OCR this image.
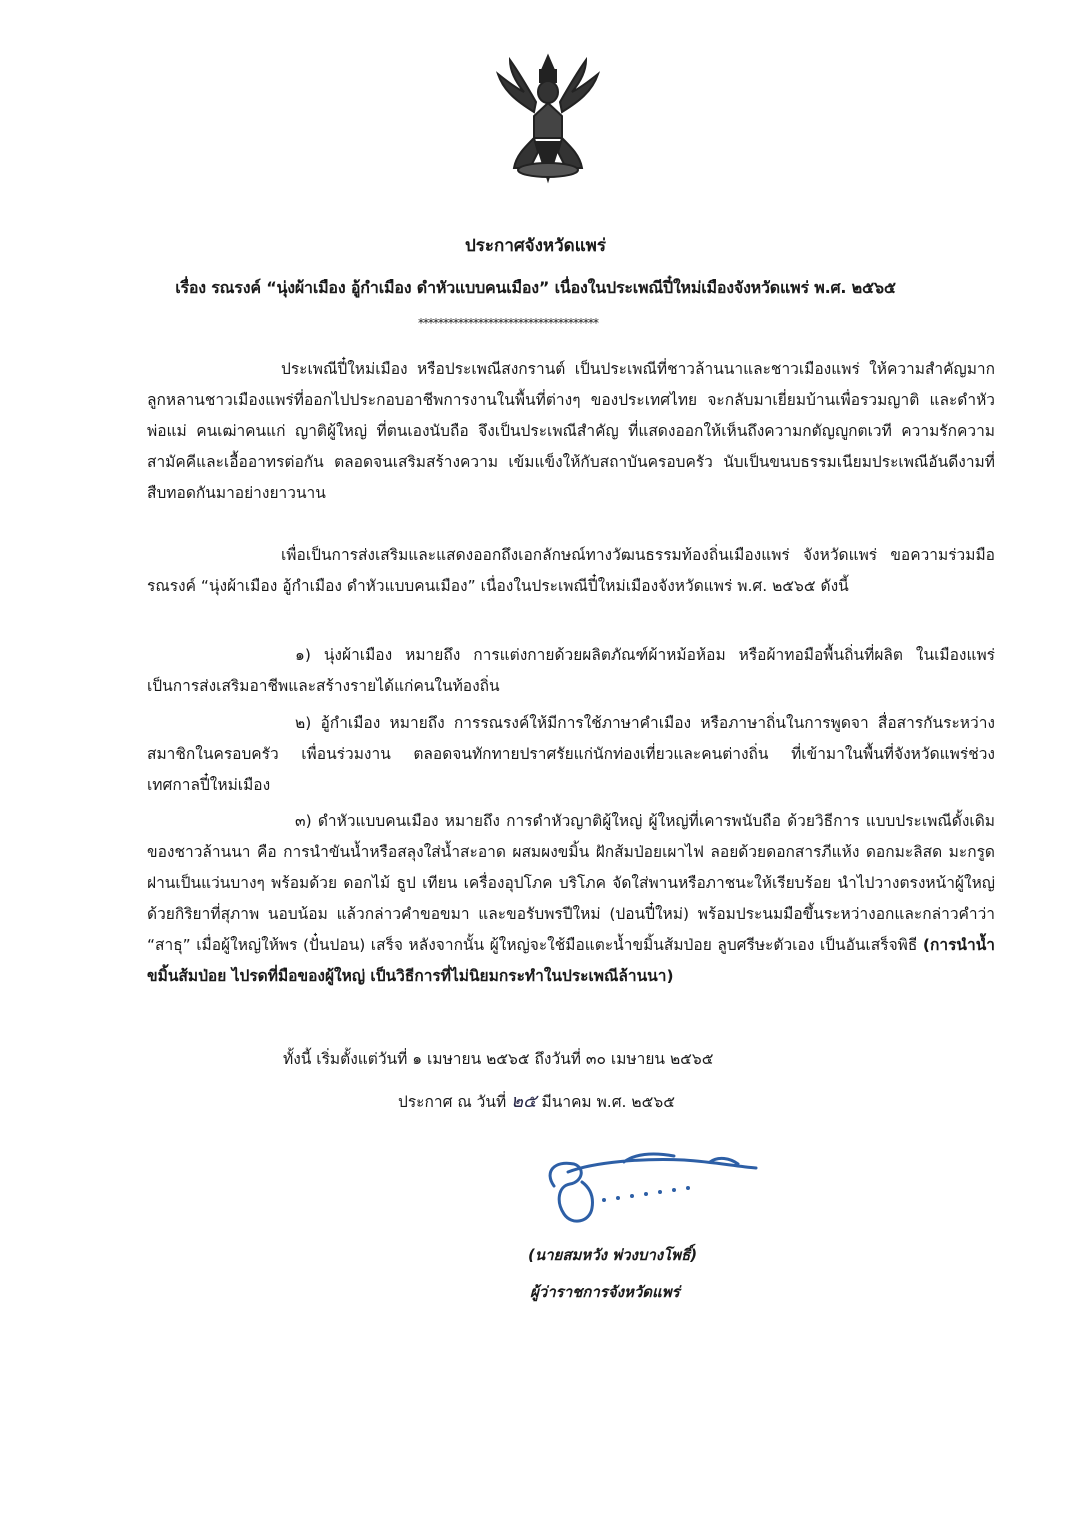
ประกาศจังหวัดแพร่
เรื่อง รณรงค์ “นุ่งผ้าเมือง อู้กำเมือง ดำหัวแบบคนเมือง” เนื่องในประเพณีปี๋ใหม่เมืองจังหวัดแพร่ พ.ศ. ๒๕๖๕
************************************
ประเพณีปี๋ใหม่เมือง หรือประเพณีสงกรานต์ เป็นประเพณีที่ชาวล้านนาและชาวเมืองแพร่ ให้ความสำคัญมาก ลูกหลานชาวเมืองแพร่ที่ออกไปประกอบอาชีพการงานในพื้นที่ต่างๆ ของประเทศไทย จะกลับมาเยี่ยมบ้านเพื่อรวมญาติ และดำหัวพ่อแม่ คนเฒ่าคนแก่ ญาติผู้ใหญ่ ที่ตนเองนับถือ จึงเป็นประเพณีสำคัญ ที่แสดงออกให้เห็นถึงความกตัญญูกตเวที ความรักความสามัคคีและเอื้ออาทรต่อกัน ตลอดจนเสริมสร้างความ เข้มแข็งให้กับสถาบันครอบครัว นับเป็นขนบธรรมเนียมประเพณีอันดีงามที่สืบทอดกันมาอย่างยาวนาน
เพื่อเป็นการส่งเสริมและแสดงออกถึงเอกลักษณ์ทางวัฒนธรรมท้องถิ่นเมืองแพร่ จังหวัดแพร่ ขอความร่วมมือรณรงค์ “นุ่งผ้าเมือง อู้กำเมือง ดำหัวแบบคนเมือง” เนื่องในประเพณีปี๋ใหม่เมืองจังหวัดแพร่ พ.ศ. ๒๕๖๕ ดังนี้
๑) นุ่งผ้าเมือง หมายถึง การแต่งกายด้วยผลิตภัณฑ์ผ้าหม้อห้อม หรือผ้าทอมือพื้นถิ่นที่ผลิต ในเมืองแพร่ เป็นการส่งเสริมอาชีพและสร้างรายได้แก่คนในท้องถิ่น
๒) อู้กำเมือง หมายถึง การรณรงค์ให้มีการใช้ภาษาคำเมือง หรือภาษาถิ่นในการพูดจา สื่อสารกันระหว่างสมาชิกในครอบครัว เพื่อนร่วมงาน ตลอดจนทักทายปราศรัยแก่นักท่องเที่ยวและคนต่างถิ่น ที่เข้ามาในพื้นที่จังหวัดแพร่ช่วงเทศกาลปี๋ใหม่เมือง
๓) ดำหัวแบบคนเมือง หมายถึง การดำหัวญาติผู้ใหญ่ ผู้ใหญ่ที่เคารพนับถือ ด้วยวิธีการ แบบประเพณีดั้งเดิมของชาวล้านนา คือ การนำขันน้ำหรือสลุงใส่น้ำสะอาด ผสมผงขมิ้น ฝักส้มป่อยเผาไฟ ลอยด้วยดอกสารภีแห้ง ดอกมะลิสด มะกรูดฝานเป็นแว่นบางๆ พร้อมด้วย ดอกไม้ ธูป เทียน เครื่องอุปโภค บริโภค จัดใส่พานหรือภาชนะให้เรียบร้อย นำไปวางตรงหน้าผู้ใหญ่ด้วยกิริยาที่สุภาพ นอบน้อม แล้วกล่าวคำขอขมา และขอรับพรปีใหม่ (ปอนปี๋ใหม่) พร้อมประนมมือขึ้นระหว่างอกและกล่าวคำว่า “สาธุ” เมื่อผู้ใหญ่ให้พร (ปั๋นปอน) เสร็จ หลังจากนั้น ผู้ใหญ่จะใช้มือแตะน้ำขมิ้นส้มป่อย ลูบศรีษะตัวเอง เป็นอันเสร็จพิธี (การนำน้ำขมิ้นส้มป่อย ไปรดที่มือของผู้ใหญ่ เป็นวิธีการที่ไม่นิยมกระทำในประเพณีล้านนา)
ทั้งนี้ เริ่มตั้งแต่วันที่ ๑ เมษายน ๒๕๖๕ ถึงวันที่ ๓๐ เมษายน ๒๕๖๕
ประกาศ ณ วันที่ ๒๕ มีนาคม พ.ศ. ๒๕๖๕
(นายสมหวัง พ่วงบางโพธิ์)
ผู้ว่าราชการจังหวัดแพร่
